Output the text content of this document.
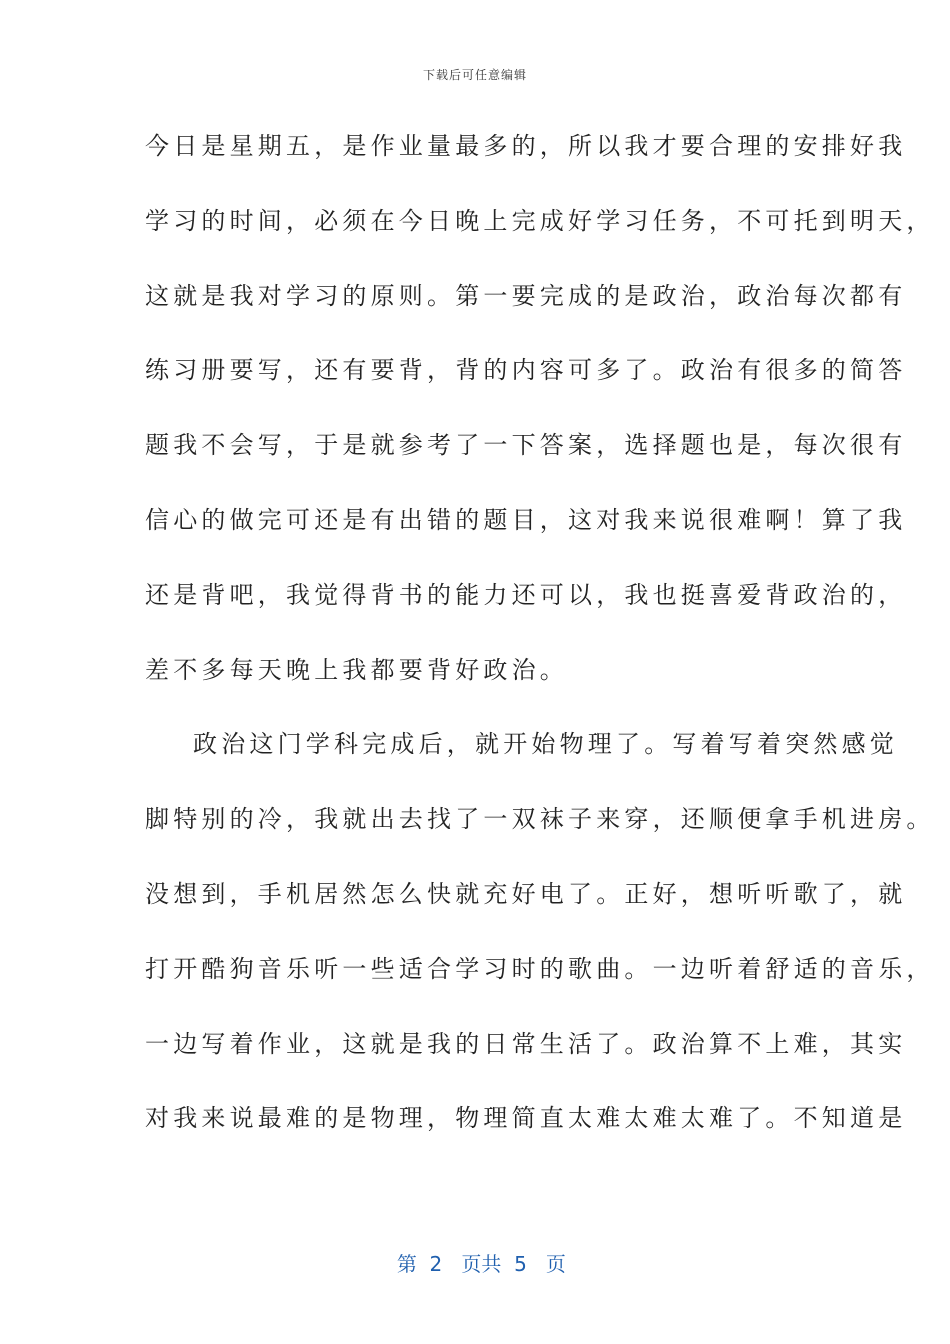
下载后可任意编辑
今日是星期五，是作业量最多的，所以我才要合理的安排好我
学习的时间，必须在今日晚上完成好学习任务，不可托到明天，
这就是我对学习的原则。第一要完成的是政治，政治每次都有
练习册要写，还有要背，背的内容可多了。政治有很多的简答
题我不会写，于是就参考了一下答案，选择题也是，每次很有
信心的做完可还是有出错的题目，这对我来说很难啊！算了我
还是背吧，我觉得背书的能力还可以，我也挺喜爱背政治的，
差不多每天晚上我都要背好政治。
政治这门学科完成后，就开始物理了。写着写着突然感觉
脚特别的冷，我就出去找了一双袜子来穿，还顺便拿手机进房。
没想到，手机居然怎么快就充好电了。正好，想听听歌了，就
打开酷狗音乐听一些适合学习时的歌曲。一边听着舒适的音乐，
一边写着作业，这就是我的日常生活了。政治算不上难，其实
对我来说最难的是物理，物理简直太难太难太难了。不知道是

第  2   页共  5   页
